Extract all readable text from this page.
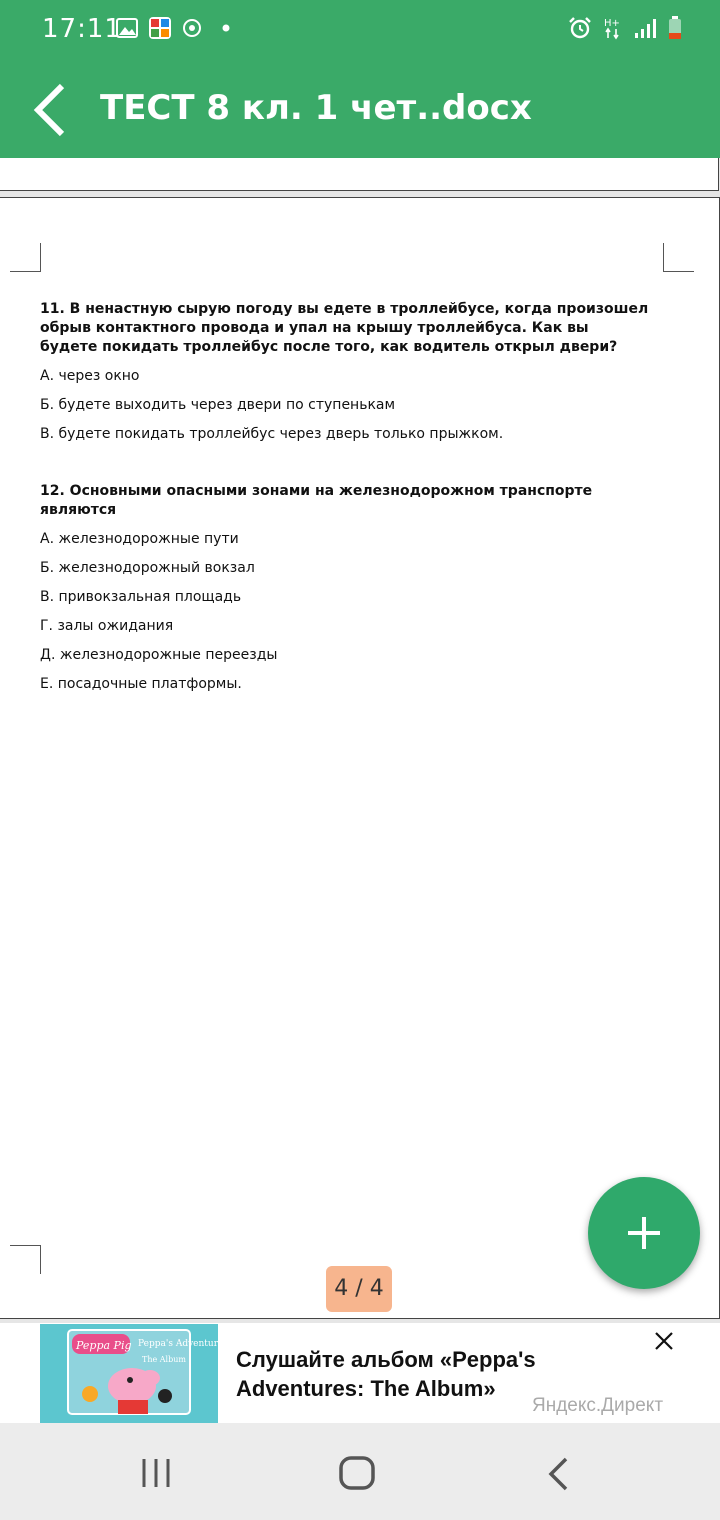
17:11	H+
ТЕСТ 8 кл. 1 чет..docx

11. В ненастную сырую погоду вы едете в троллейбусе, когда произошел обрыв контактного провода и упал на крышу троллейбуса. Как вы будете покидать троллейбус после того, как водитель открыл двери?

А. через окно

Б. будете выходить через двери по ступенькам

В. будете покидать троллейбус через дверь только прыжком.

12. Основными опасными зонами на железнодорожном транспорте являются

А. железнодорожные пути

Б. железнодорожный вокзал

В. привокзальная площадь

Г. залы ожидания

Д. железнодорожные переезды

Е. посадочные платформы.

4 / 4
Peppa Pig Peppa's Adventures
The Album Слушайте альбом «Peppa's Adventures: The Album»
Яндекс.Директ
